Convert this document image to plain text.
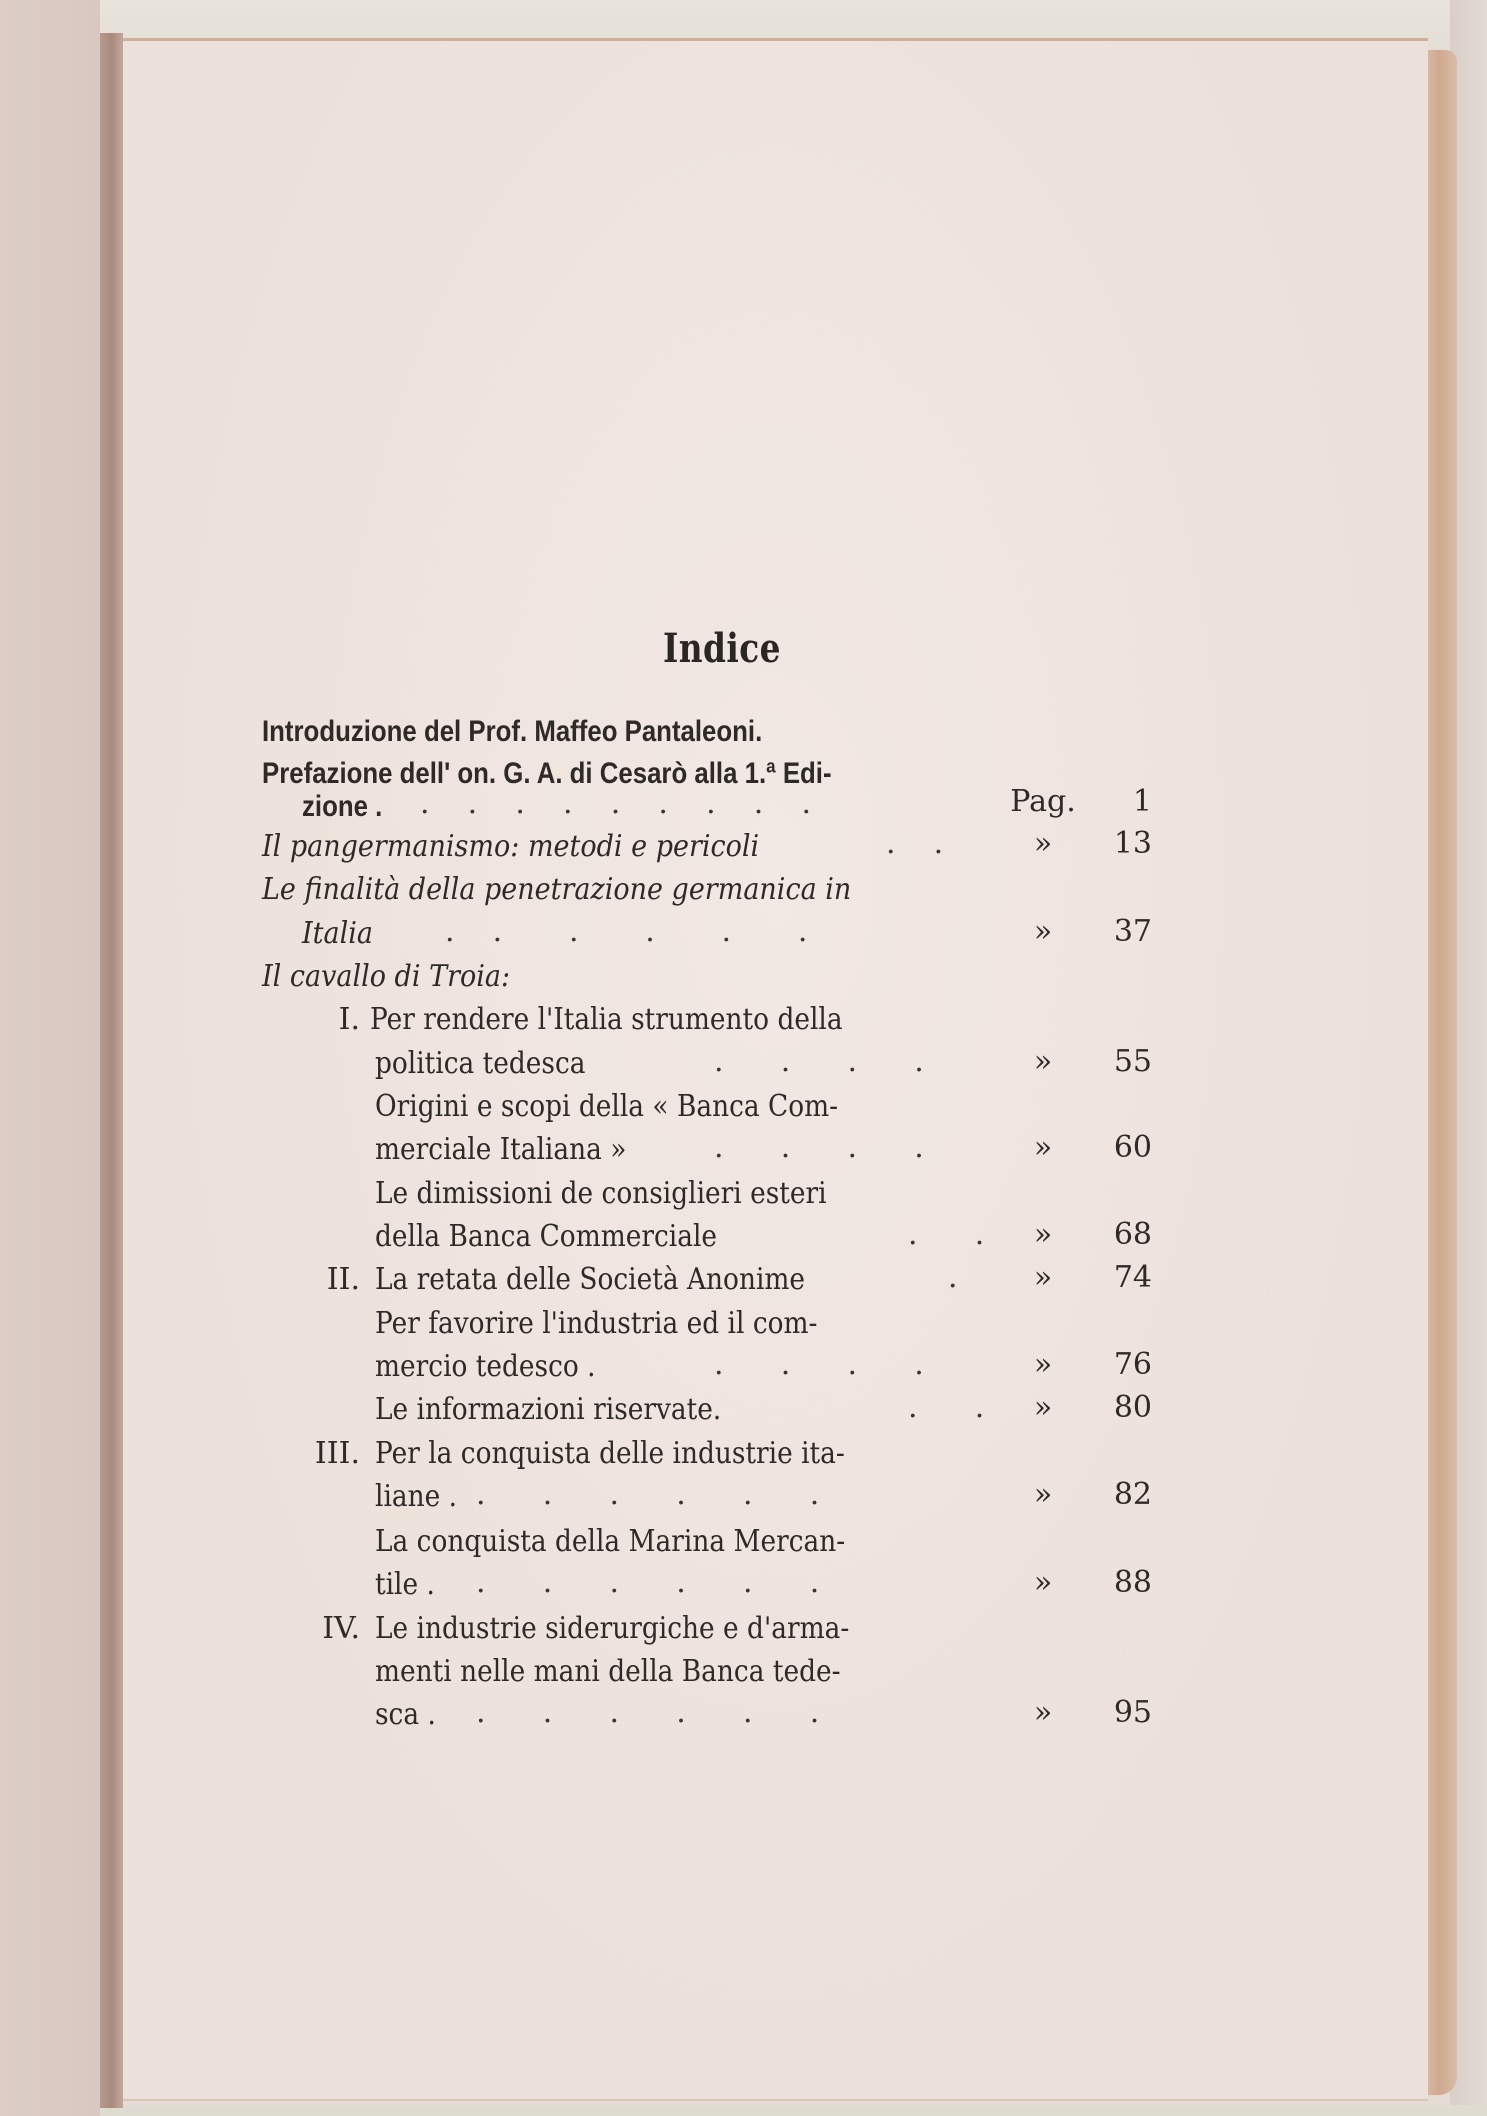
Indice
Introduzione del Prof. Maffeo Pantaleoni.
Prefazione dell' on. G. A. di Cesarò alla 1.ª Edi-
zione . .    .    .    .    .    .    .    .    .	Pag.	1
Il pangermanismo: metodi e pericoli	.    .	»	13
Le finalità della penetrazione germanica in
Italia .    .       .       .       .       .	»	37
Il cavallo di Troia:
I. Per rendere l'Italia strumento della
politica tedesca	.      .      .      .	»	55
Origini e scopi della « Banca Com-
merciale Italiana »	.      .      .      .	»	60
Le dimissioni de consiglieri esteri
della Banca Commerciale	.      .	»	68
II. La retata delle Società Anonime	.	»	74
Per favorire l'industria ed il com-
mercio tedesco .	.      .      .      .	»	76
Le informazioni riservate.	.      .	»	80
III. Per la conquista delle industrie ita-
liane . .      .      .      .      .      .	»	82
La conquista della Marina Mercan-
tile . .      .      .      .      .      .	»	88
IV. Le industrie siderurgiche e d'arma-
menti nelle mani della Banca tede-
sca . .      .      .      .      .      .	»	95
